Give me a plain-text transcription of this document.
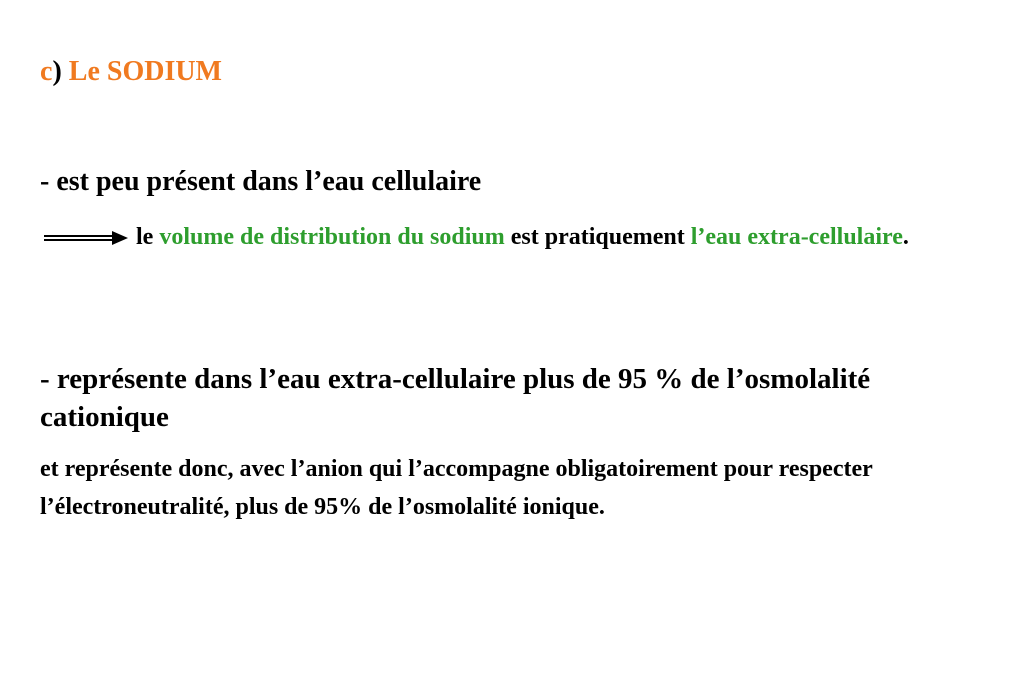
c) Le SODIUM
- est peu présent dans l’eau cellulaire
le volume de distribution du sodium est pratiquement l’eau extra-cellulaire.
- représente dans l’eau extra-cellulaire plus de 95 % de l’osmolalité cationique
et représente donc, avec l’anion qui l’accompagne obligatoirement pour respecter l’électroneutralité, plus de 95% de l’osmolalité ionique.
